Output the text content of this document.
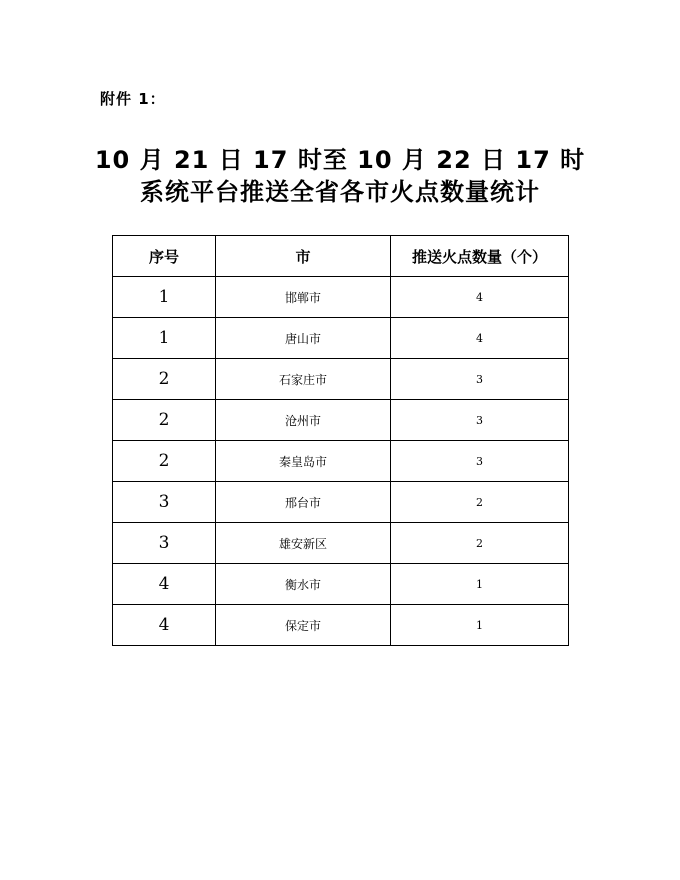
附件 1：
10 月 21 日 17 时至 10 月 22 日 17 时
系统平台推送全省各市火点数量统计
序号	市	推送火点数量（个）
1	邯郸市	4
1	唐山市	4
2	石家庄市	3
2	沧州市	3
2	秦皇岛市	3
3	邢台市	2
3	雄安新区	2
4	衡水市	1
4	保定市	1
